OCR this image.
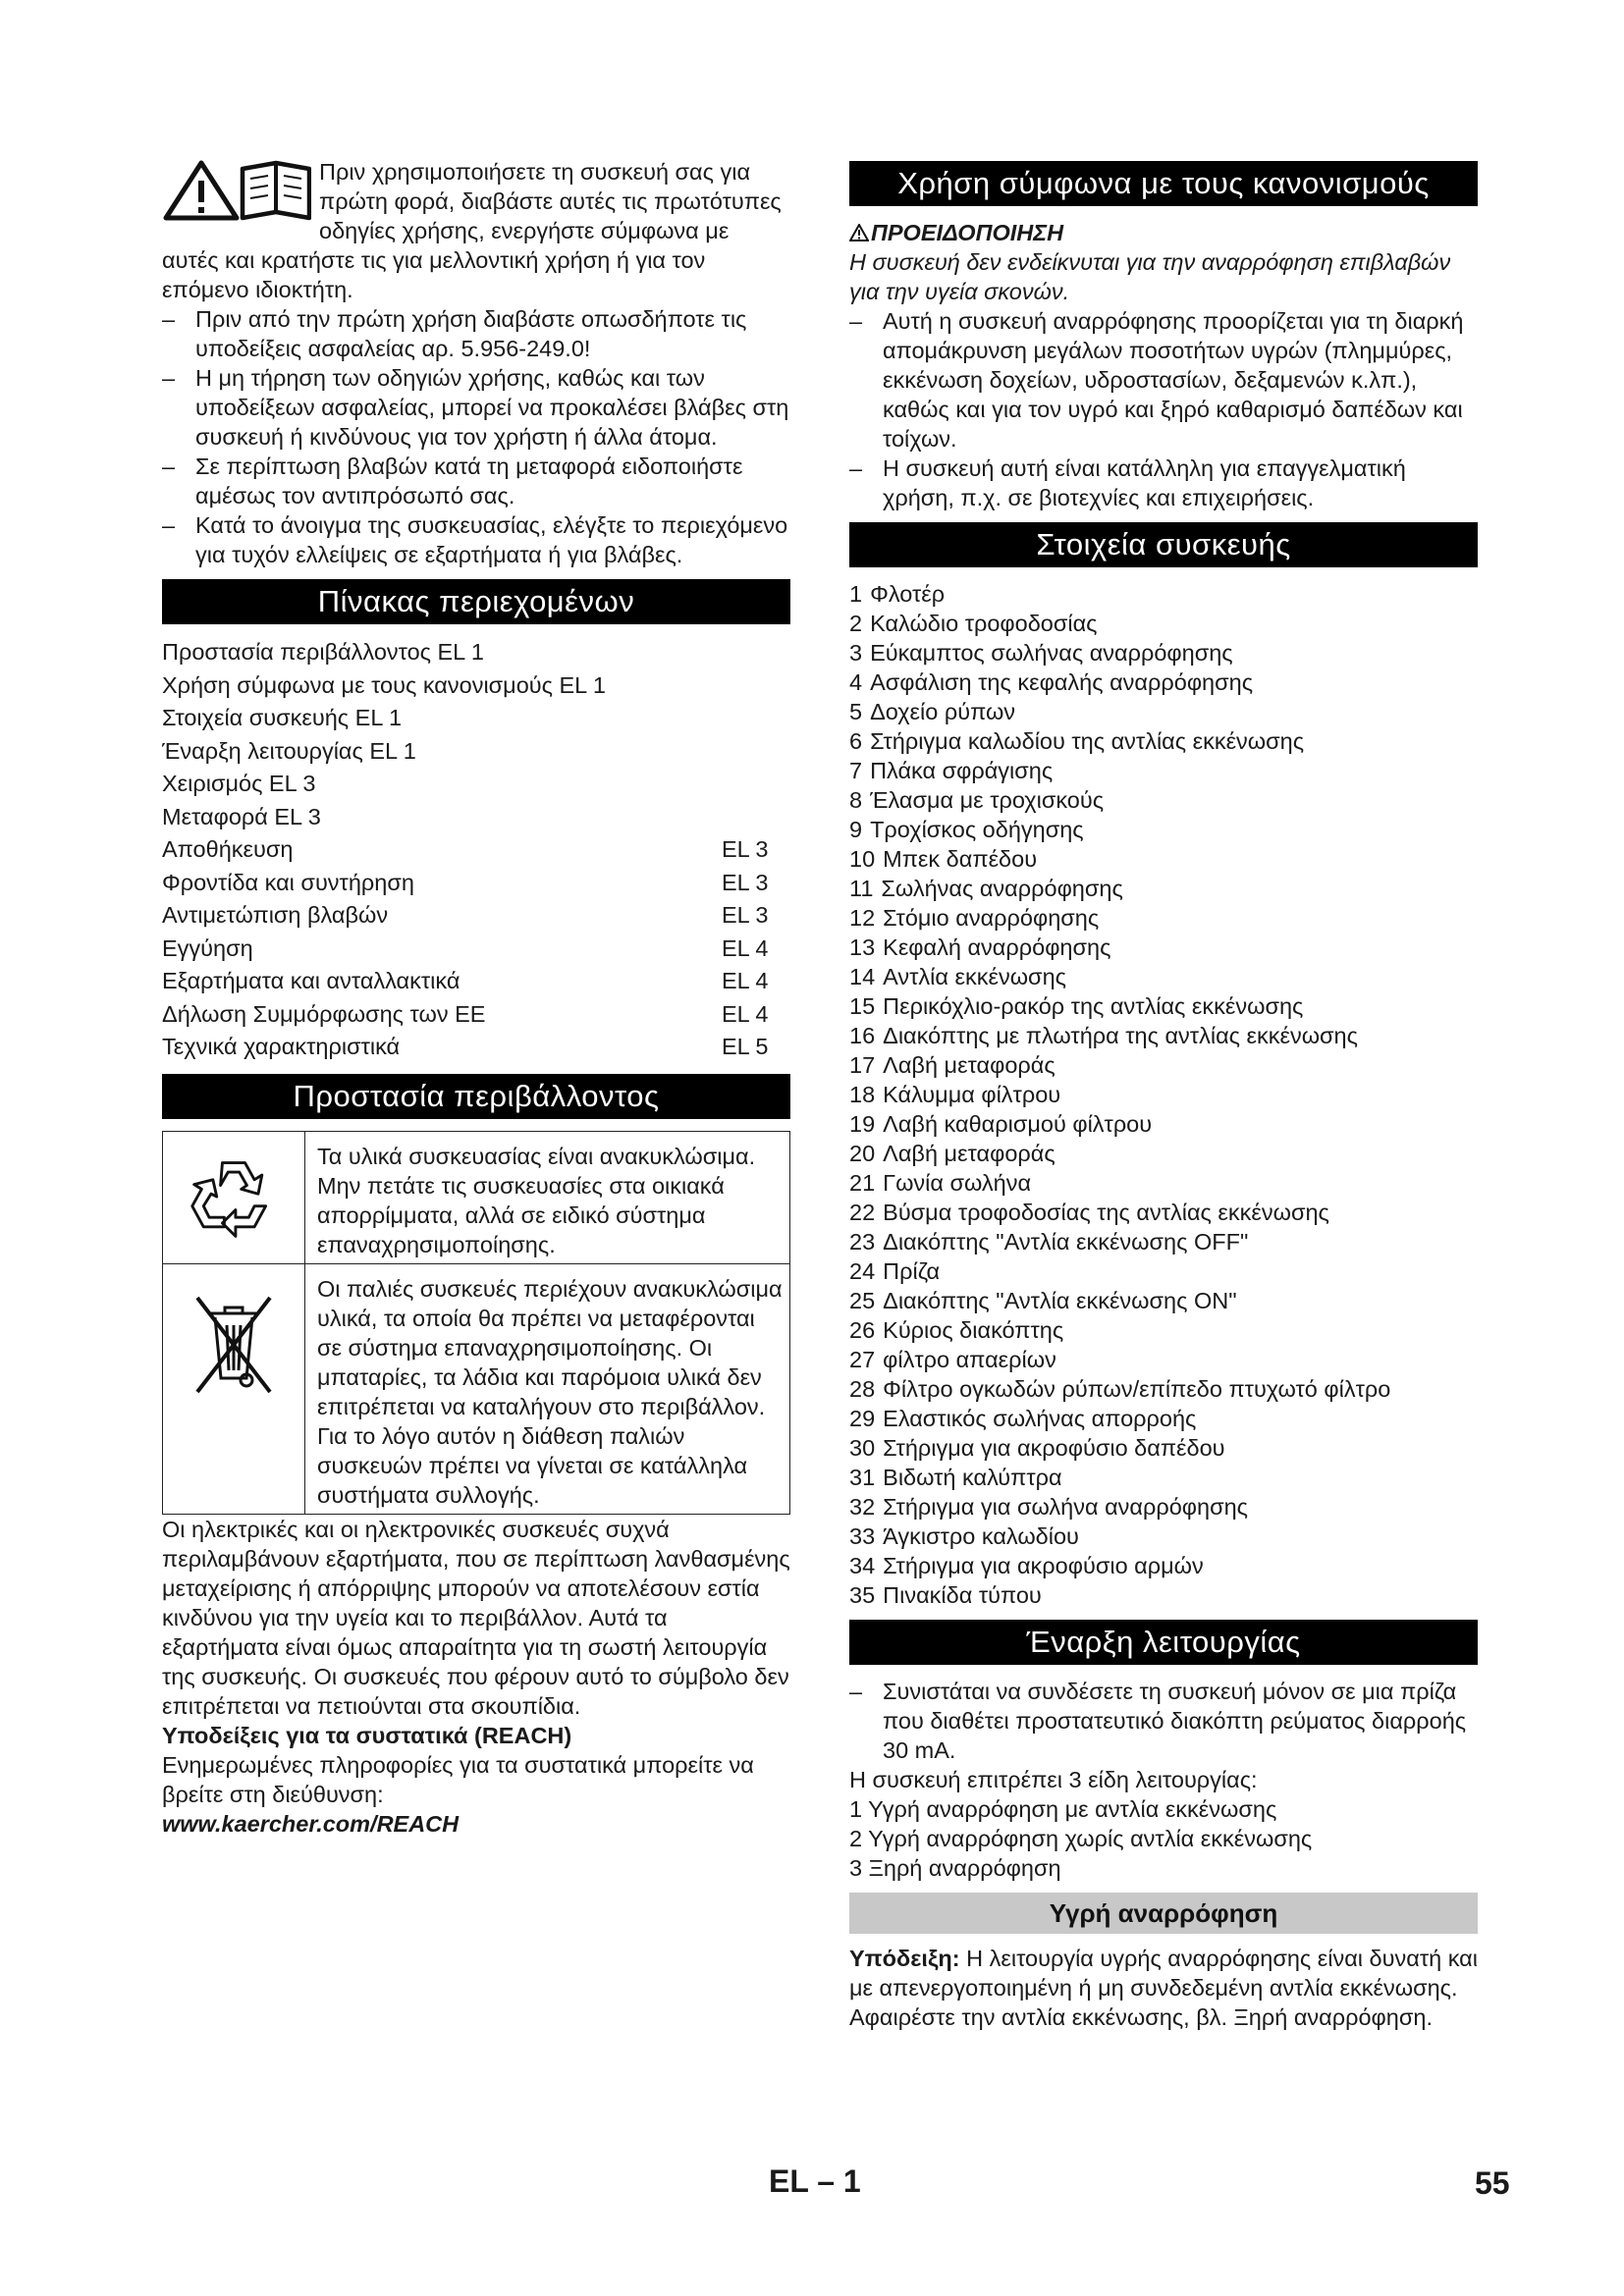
Πριν χρησιμοποιήσετε τη συσκευή σας για πρώτη φορά, διαβάστε αυτές τις πρωτότυπες οδηγίες χρήσης, ενεργήστε σύμφωνα με αυτές και κρατήστε τις για μελλοντική χρήση ή για τον επόμενο ιδιοκτήτη.

– Πριν από την πρώτη χρήση διαβάστε οπωσδήποτε τις υποδείξεις ασφαλείας αρ. 5.956-249.0!
– Η μη τήρηση των οδηγιών χρήσης, καθώς και των υποδείξεων ασφαλείας, μπορεί να προκαλέσει βλάβες στη συσκευή ή κινδύνους για τον χρήστη ή άλλα άτομα.
– Σε περίπτωση βλαβών κατά τη μεταφορά ειδοποιήστε αμέσως τον αντιπρόσωπό σας.
– Κατά το άνοιγμα της συσκευασίας, ελέγξτε το περιεχόμενο για τυχόν ελλείψεις σε εξαρτήματα ή για βλάβες.
Πίνακας περιεχομένων
Προστασία περιβάλλοντος EL 1
Χρήση σύμφωνα με τους κανονισμούς EL 1
Στοιχεία συσκευής EL 1
Έναρξη λειτουργίας EL 1
Χειρισμός EL 3
Μεταφορά EL 3
Αποθήκευση	EL 3
Φροντίδα και συντήρηση	EL 3
Αντιμετώπιση βλαβών	EL 3
Εγγύηση	EL 4
Εξαρτήματα και ανταλλακτικά	EL 4
Δήλωση Συμμόρφωσης των ΕΕ	EL 4
Τεχνικά χαρακτηριστικά	EL 5
Προστασία περιβάλλοντος
	Τα υλικά συσκευασίας είναι ανακυκλώσιμα. Μην πετάτε τις συσκευασίες στα οικιακά απορρίμματα, αλλά σε ειδικό σύστημα επαναχρησιμοποίησης.
	Οι παλιές συσκευές περιέχουν ανακυκλώσιμα υλικά, τα οποία θα πρέπει να μεταφέρονται σε σύστημα επαναχρησιμοποίησης. Οι μπαταρίες, τα λάδια και παρόμοια υλικά δεν επιτρέπεται να καταλήγουν στο περιβάλλον. Για το λόγο αυτόν η διάθεση παλιών συσκευών πρέπει να γίνεται σε κατάλληλα συστήματα συλλογής.

Οι ηλεκτρικές και οι ηλεκτρονικές συσκευές συχνά περιλαμβάνουν εξαρτήματα, που σε περίπτωση λανθασμένης μεταχείρισης ή απόρριψης μπορούν να αποτελέσουν εστία κινδύνου για την υγεία και το περιβάλλον. Αυτά τα εξαρτήματα είναι όμως απαραίτητα για τη σωστή λειτουργία της συσκευής. Οι συσκευές που φέρουν αυτό το σύμβολο δεν επιτρέπεται να πετιούνται στα σκουπίδια.

Υποδείξεις για τα συστατικά (REACH)

Ενημερωμένες πληροφορίες για τα συστατικά μπορείτε να βρείτε στη διεύθυνση:

www.kaercher.com/REACH

Χρήση σύμφωνα με τους κανονισμούς

ΠΡΟΕΙΔΟΠΟΙΗΣΗ

Η συσκευή δεν ενδείκνυται για την αναρρόφηση επιβλαβών για την υγεία σκονών.

– Αυτή η συσκευή αναρρόφησης προορίζεται για τη διαρκή απομάκρυνση μεγάλων ποσοτήτων υγρών (πλημμύρες, εκκένωση δοχείων, υδροστασίων, δεξαμενών κ.λπ.), καθώς και για τον υγρό και ξηρό καθαρισμό δαπέδων και τοίχων.
– Η συσκευή αυτή είναι κατάλληλη για επαγγελματική χρήση, π.χ. σε βιοτεχνίες και επιχειρήσεις.
Στοιχεία συσκευής
1 Φλοτέρ
2 Καλώδιο τροφοδοσίας
3 Εύκαμπτος σωλήνας αναρρόφησης
4 Ασφάλιση της κεφαλής αναρρόφησης
5 Δοχείο ρύπων
6 Στήριγμα καλωδίου της αντλίας εκκένωσης
7 Πλάκα σφράγισης
8 Έλασμα με τροχισκούς
9 Τροχίσκος οδήγησης
10 Μπεκ δαπέδου
11 Σωλήνας αναρρόφησης
12 Στόμιο αναρρόφησης
13 Κεφαλή αναρρόφησης
14 Αντλία εκκένωσης
15 Περικόχλιο-ρακόρ της αντλίας εκκένωσης
16 Διακόπτης με πλωτήρα της αντλίας εκκένωσης
17 Λαβή μεταφοράς
18 Κάλυμμα φίλτρου
19 Λαβή καθαρισμού φίλτρου
20 Λαβή μεταφοράς
21 Γωνία σωλήνα
22 Βύσμα τροφοδοσίας της αντλίας εκκένωσης
23 Διακόπτης "Αντλία εκκένωσης OFF"
24 Πρίζα
25 Διακόπτης "Αντλία εκκένωσης ON"
26 Κύριος διακόπτης
27 φίλτρο απαερίων
28 Φίλτρο ογκωδών ρύπων/επίπεδο πτυχωτό φίλτρο
29 Ελαστικός σωλήνας απορροής
30 Στήριγμα για ακροφύσιο δαπέδου
31 Βιδωτή καλύπτρα
32 Στήριγμα για σωλήνα αναρρόφησης
33 Άγκιστρο καλωδίου
34 Στήριγμα για ακροφύσιο αρμών
35 Πινακίδα τύπου
Έναρξη λειτουργίας
– Συνιστάται να συνδέσετε τη συσκευή μόνον σε μια πρίζα που διαθέτει προστατευτικό διακόπτη ρεύματος διαρροής 30 mA.

Η συσκευή επιτρέπει 3 είδη λειτουργίας:

1 Υγρή αναρρόφηση με αντλία εκκένωσης
2 Υγρή αναρρόφηση χωρίς αντλία εκκένωσης
3 Ξηρή αναρρόφηση
Υγρή αναρρόφηση

Υπόδειξη: Η λειτουργία υγρής αναρρόφησης είναι δυνατή και με απενεργοποιημένη ή μη συνδεδεμένη αντλία εκκένωσης. Αφαιρέστε την αντλία εκκένωσης, βλ. Ξηρή αναρρόφηση.

EL – 1	55
